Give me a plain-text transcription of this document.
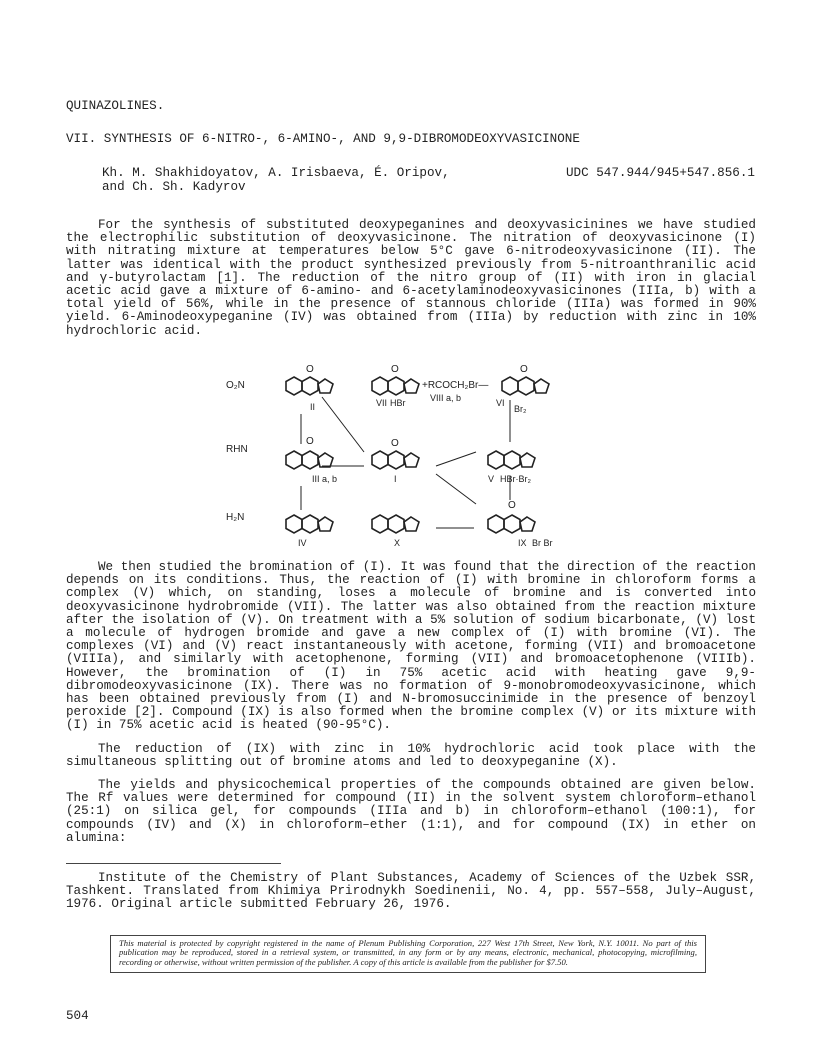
QUINAZOLINES.
VII. SYNTHESIS OF 6-NITRO-, 6-AMINO-, AND 9,9-DIBROMODEOXYVASICINONE
Kh. M. Shakhidoyatov, A. Irisbaeva, É. Oripov,
and Ch. Sh. Kadyrov
UDC 547.944/945+547.856.1

For the synthesis of substituted deoxypeganines and deoxyvasicinines we have studied the electrophilic substitution of deoxyvasicinone. The nitration of deoxyvasicinone (I) with nitrating mixture at temperatures below 5°C gave 6-nitrodeoxyvasicinone (II). The latter was identical with the product synthesized previously from 5-nitroanthranilic acid and γ-butyrolactam [1]. The reduction of the nitro group of (II) with iron in glacial acetic acid gave a mixture of 6-amino- and 6-acetylaminodeoxyvasicinones (IIIa, b) with a total yield of 56%, while in the presence of stannous chloride (IIIa) was formed in 90% yield. 6-Aminodeoxypeganine (IV) was obtained from (IIIa) by reduction with zinc in 10% hydrochloric acid.

O₂N
O
II
O
VII HBr
+RCOCH₂Br—
VIII a, b
O
VI
Br₂
RHN
O
III a, b
O
I	V HBr·Br₂
H₂N
IV	X
O
IX Br Br

We then studied the bromination of (I). It was found that the direction of the reaction depends on its conditions. Thus, the reaction of (I) with bromine in chloroform forms a complex (V) which, on standing, loses a molecule of bromine and is converted into deoxyvasicinone hydrobromide (VII). The latter was also obtained from the reaction mixture after the isolation of (V). On treatment with a 5% solution of sodium bicarbonate, (V) lost a molecule of hydrogen bromide and gave a new complex of (I) with bromine (VI). The complexes (VI) and (V) react instantaneously with acetone, forming (VII) and bromoacetone (VIIIa), and similarly with acetophenone, forming (VII) and bromoacetophenone (VIIIb). However, the bromination of (I) in 75% acetic acid with heating gave 9,9-dibromodeoxyvasicinone (IX). There was no formation of 9-monobromodeoxyvasicinone, which has been obtained previously from (I) and N-bromosuccinimide in the presence of benzoyl peroxide [2]. Compound (IX) is also formed when the bromine complex (V) or its mixture with (I) in 75% acetic acid is heated (90-95°C).

The reduction of (IX) with zinc in 10% hydrochloric acid took place with the simultaneous splitting out of bromine atoms and led to deoxypeganine (X).

The yields and physicochemical properties of the compounds obtained are given below. The Rf values were determined for compound (II) in the solvent system chloroform–ethanol (25:1) on silica gel, for compounds (IIIa and b) in chloroform–ethanol (100:1), for compounds (IV) and (X) in chloroform–ether (1:1), and for compound (IX) in ether on alumina:

Institute of the Chemistry of Plant Substances, Academy of Sciences of the Uzbek SSR, Tashkent. Translated from Khimiya Prirodnykh Soedinenii, No. 4, pp. 557–558, July–August, 1976. Original article submitted February 26, 1976.

This material is protected by copyright registered in the name of Plenum Publishing Corporation, 227 West 17th Street, New York, N.Y. 10011. No part of this publication may be reproduced, stored in a retrieval system, or transmitted, in any form or by any means, electronic, mechanical, photocopying, microfilming, recording or otherwise, without written permission of the publisher. A copy of this article is available from the publisher for $7.50.
504
